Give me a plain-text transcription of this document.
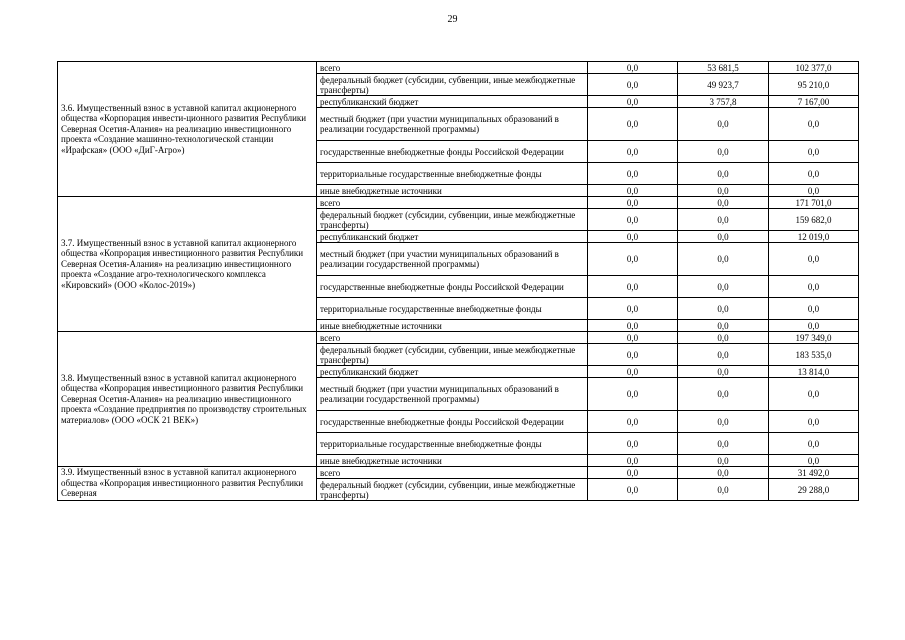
29
3.6. Имущественный взнос в уставной капитал акционерного общества «Корпорация инвести-ционного развития Республики Северная Осетия-Алания» на реализацию инвестиционного проекта «Создание машинно-технологической станции «Ирафская» (ООО «ДиГ-Агро»)	всего	0,0	53 681,5	102 377,0
	федеральный бюджет (субсидии, субвенции, иные межбюджетные трансферты)	0,0	49 923,7	95 210,0
	республиканский бюджет	0,0	3 757,8	7 167,00
	местный бюджет (при участии муниципальных образований в реализации государственной программы)	0,0	0,0	0,0
	государственные внебюджетные фонды Российской Федерации	0,0	0,0	0,0
	территориальные государственные внебюджетные фонды	0,0	0,0	0,0
	иные внебюджетные источники	0,0	0,0	0,0
3.7. Имущественный взнос в уставной капитал акционерного общества «Копрорация инвестиционного развития Республики Северная Осетия-Алания» на реализацию инвестиционного проекта «Создание агро-технологического комплекса «Кировский» (ООО «Колос-2019»)	всего	0,0	0,0	171 701,0
	федеральный бюджет (субсидии, субвенции, иные межбюджетные трансферты)	0,0	0,0	159 682,0
	республиканский бюджет	0,0	0,0	12 019,0
	местный бюджет (при участии муниципальных образований в реализации государственной программы)	0,0	0,0	0,0
	государственные внебюджетные фонды Российской Федерации	0,0	0,0	0,0
	территориальные государственные внебюджетные фонды	0,0	0,0	0,0
	иные внебюджетные источники	0,0	0,0	0,0
3.8. Имущественный взнос в уставной капитал акционерного общества «Копрорация инвестиционного развития Республики Северная Осетия-Алания» на реализацию инвестиционного проекта «Создание предприятия по производству строительных материалов» (ООО «ОСК 21 ВЕК»)	всего	0,0	0,0	197 349,0
	федеральный бюджет (субсидии, субвенции, иные межбюджетные трансферты)	0,0	0,0	183 535,0
	республиканский бюджет	0,0	0,0	13 814,0
	местный бюджет (при участии муниципальных образований в реализации государственной программы)	0,0	0,0	0,0
	государственные внебюджетные фонды Российской Федерации	0,0	0,0	0,0
	территориальные государственные внебюджетные фонды	0,0	0,0	0,0
	иные внебюджетные источники	0,0	0,0	0,0
3.9. Имущественный взнос в уставной капитал акционерного общества «Копрорация инвестиционного развития Республики Северная	всего	0,0	0,0	31 492,0
	федеральный бюджет (субсидии, субвенции, иные межбюджетные трансферты)	0,0	0,0	29 288,0
